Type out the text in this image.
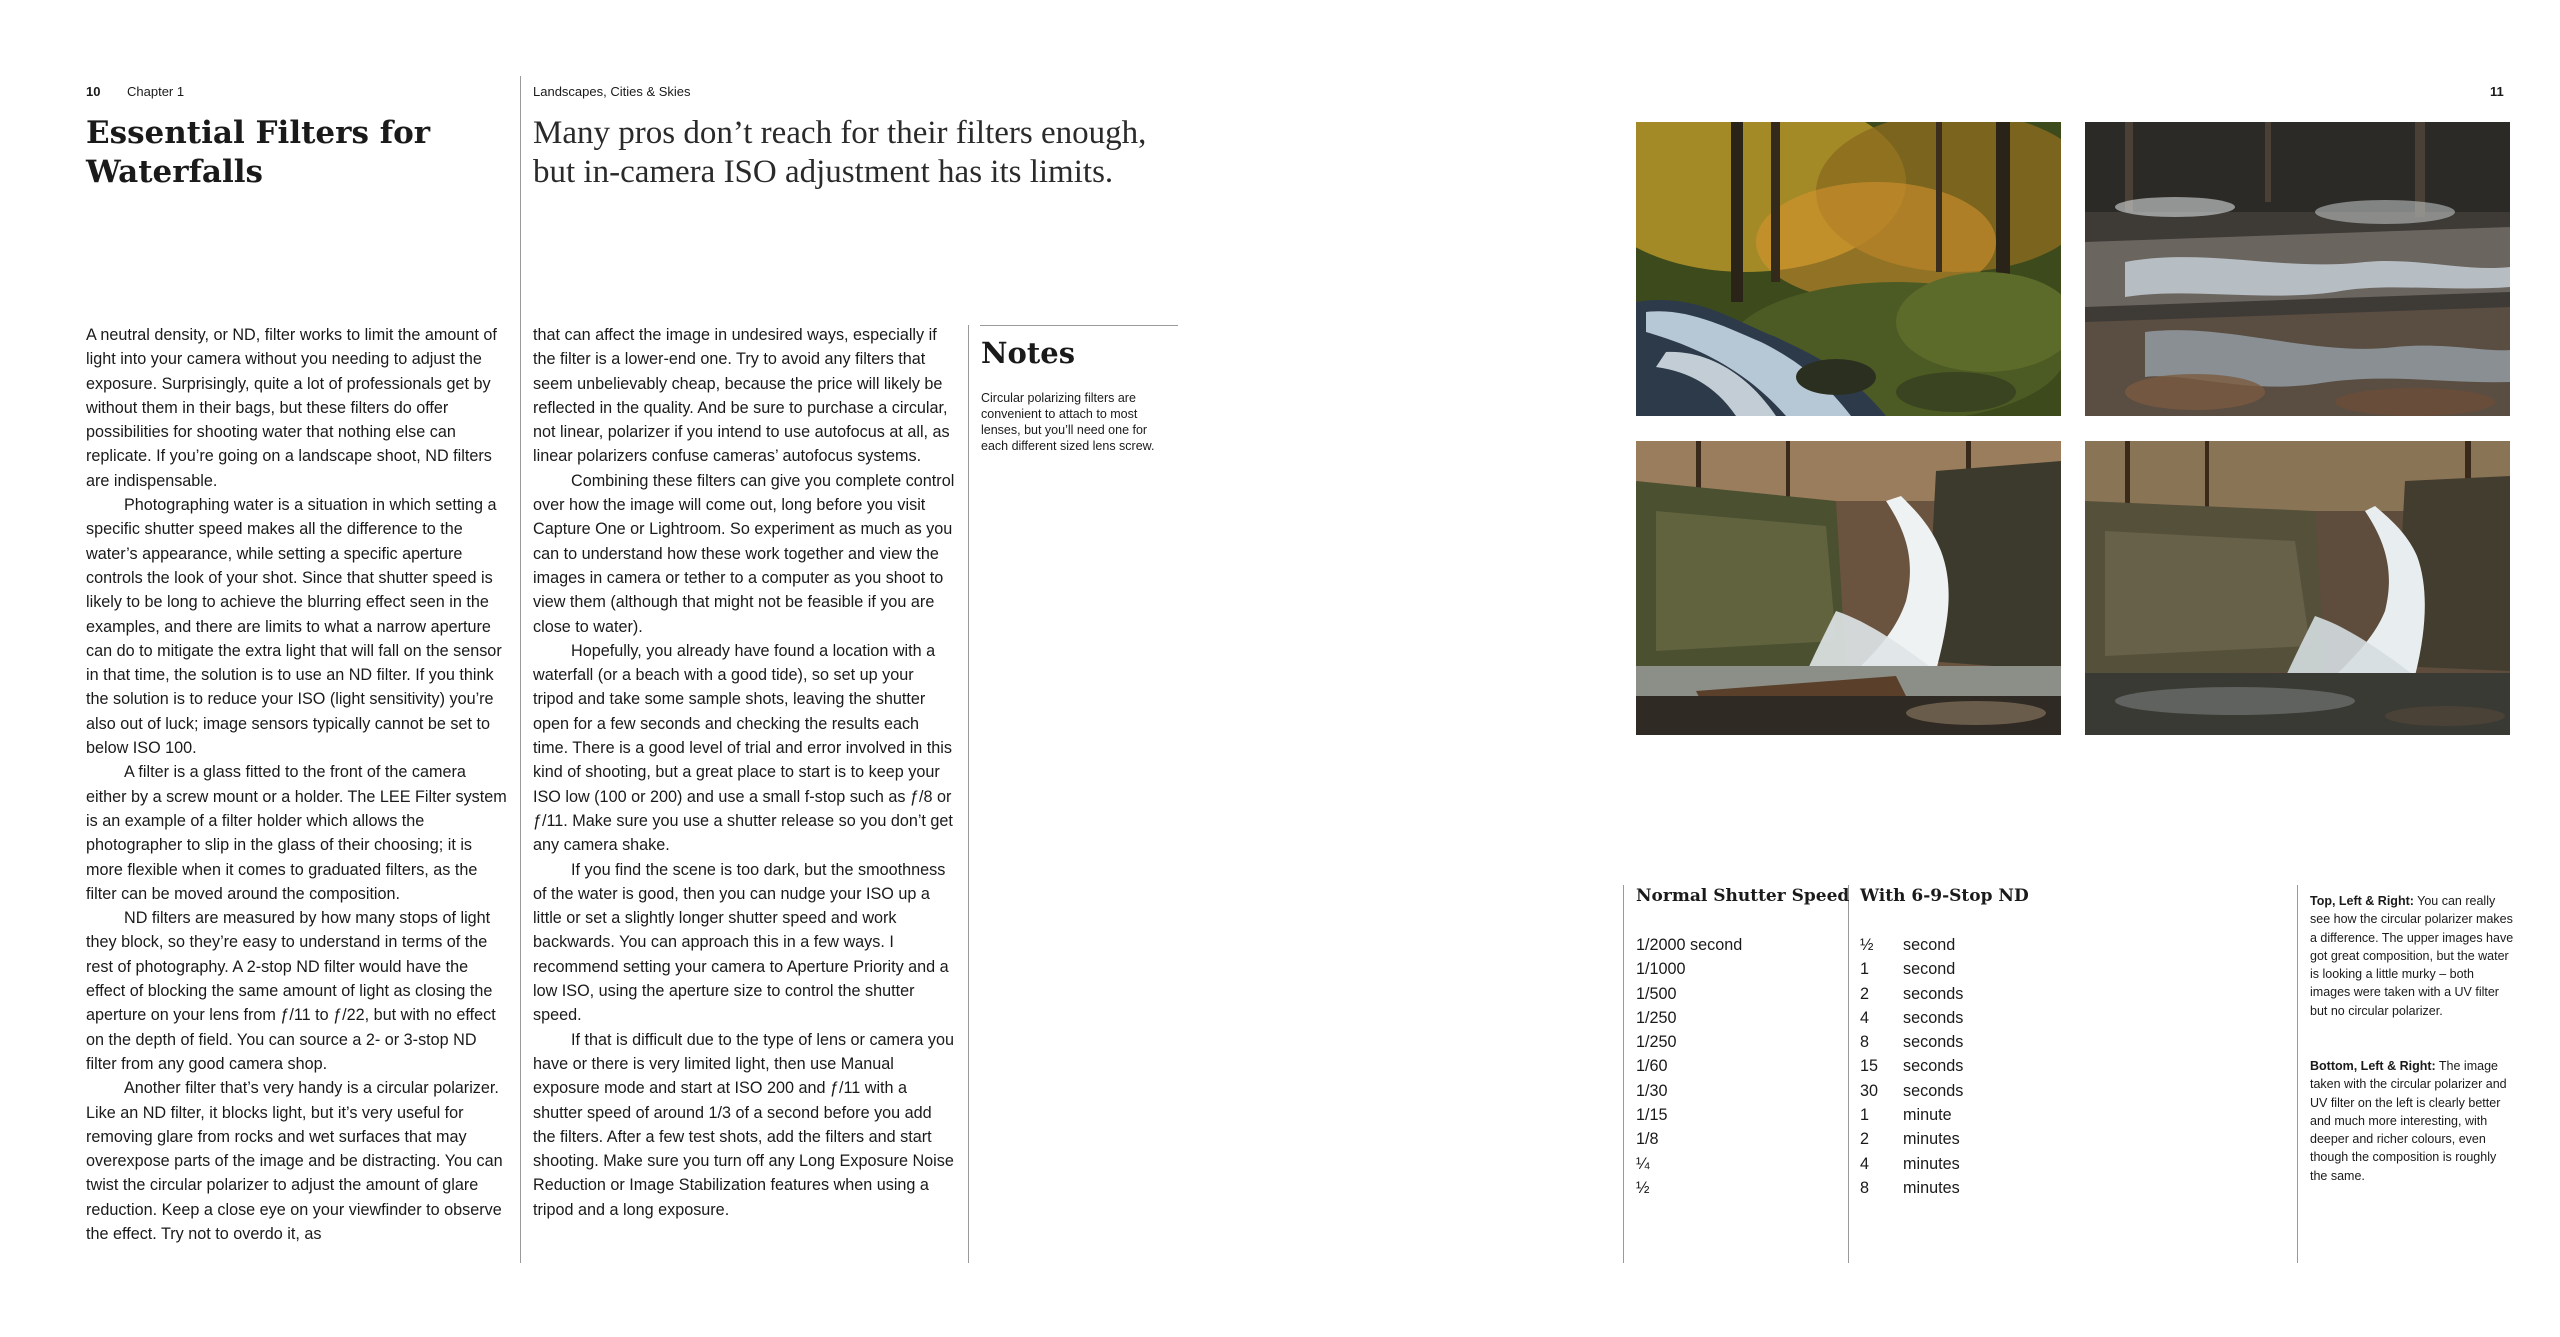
10 Chapter 1	Landscapes, Cities & Skies
Essential Filters for
Waterfalls
Many pros don’t reach for their filters enough,
but in-camera ISO adjustment has its limits.

A neutral density, or ND, filter works to limit the amount of light into your camera without you needing to adjust the exposure. Surprisingly, quite a lot of professionals get by without them in their bags, but these filters do offer possibilities for shooting water that nothing else can replicate. If you’re going on a landscape shoot, ND filters are indispensable.

Photographing water is a situation in which setting a specific shutter speed makes all the difference to the water’s appearance, while setting a specific aperture controls the look of your shot. Since that shutter speed is likely to be long to achieve the blurring effect seen in the examples, and there are limits to what a narrow aperture can do to mitigate the extra light that will fall on the sensor in that time, the solution is to use an ND filter. If you think the solution is to reduce your ISO (light sensitivity) you’re also out of luck; image sensors typically cannot be set to below ISO 100.

A filter is a glass fitted to the front of the camera either by a screw mount or a holder. The LEE Filter system is an example of a filter holder which allows the photographer to slip in the glass of their choosing; it is more flexible when it comes to graduated filters, as the filter can be moved around the composition.

ND filters are measured by how many stops of light they block, so they’re easy to understand in terms of the rest of photography. A 2-stop ND filter would have the effect of blocking the same amount of light as closing the aperture on your lens from ƒ/11 to ƒ/22, but with no effect on the depth of field. You can source a 2- or 3-stop ND filter from any good camera shop.

Another filter that’s very handy is a circular polarizer. Like an ND filter, it blocks light, but it’s very useful for removing glare from rocks and wet surfaces that may overexpose parts of the image and be distracting. You can twist the circular polarizer to adjust the amount of glare reduction. Keep a close eye on your viewfinder to observe the effect. Try not to overdo it, as

that can affect the image in undesired ways, especially if the filter is a lower-end one. Try to avoid any filters that seem unbelievably cheap, because the price will likely be reflected in the quality. And be sure to purchase a circular, not linear, polarizer if you intend to use autofocus at all, as linear polarizers confuse cameras’ autofocus systems.

Combining these filters can give you complete control over how the image will come out, long before you visit Capture One or Lightroom. So experiment as much as you can to understand how these work together and view the images in camera or tether to a computer as you shoot to view them (although that might not be feasible if you are close to water).

Hopefully, you already have found a location with a waterfall (or a beach with a good tide), so set up your tripod and take some sample shots, leaving the shutter open for a few seconds and checking the results each time. There is a good level of trial and error involved in this kind of shooting, but a great place to start is to keep your ISO low (100 or 200) and use a small f-stop such as ƒ/8 or ƒ/11. Make sure you use a shutter release so you don’t get any camera shake.

If you find the scene is too dark, but the smoothness of the water is good, then you can nudge your ISO up a little or set a slightly longer shutter speed and work backwards. You can approach this in a few ways. I recommend setting your camera to Aperture Priority and a low ISO, using the aperture size to control the shutter speed.

If that is difficult due to the type of lens or camera you have or there is very limited light, then use Manual exposure mode and start at ISO 200 and ƒ/11 with a shutter speed of around 1/3 of a second before you add the filters. After a few test shots, add the filters and start shooting. Make sure you turn off any Long Exposure Noise Reduction or Image Stabilization features when using a tripod and a long exposure.

Notes
Circular polarizing filters are convenient to attach to most lenses, but you’ll need one for each different sized lens screw.
11
Normal Shutter Speed With 6-9-Stop ND
1/2000 second
1/1000
1/500
1/250
1/250
1/60
1/30
1/15
1/8
¼
½
½
1
2
4
8
15
30
1
2
4
8
second
second
seconds
seconds
seconds
seconds
seconds
minute
minutes
minutes
minutes
Top, Left & Right: You can really see how the circular polarizer makes a difference. The upper images have got great composition, but the water is looking a little murky – both images were taken with a UV filter but no circular polarizer.
Bottom, Left & Right: The image taken with the circular polarizer and UV filter on the left is clearly better and much more interesting, with deeper and richer colours, even though the composition is roughly the same.
